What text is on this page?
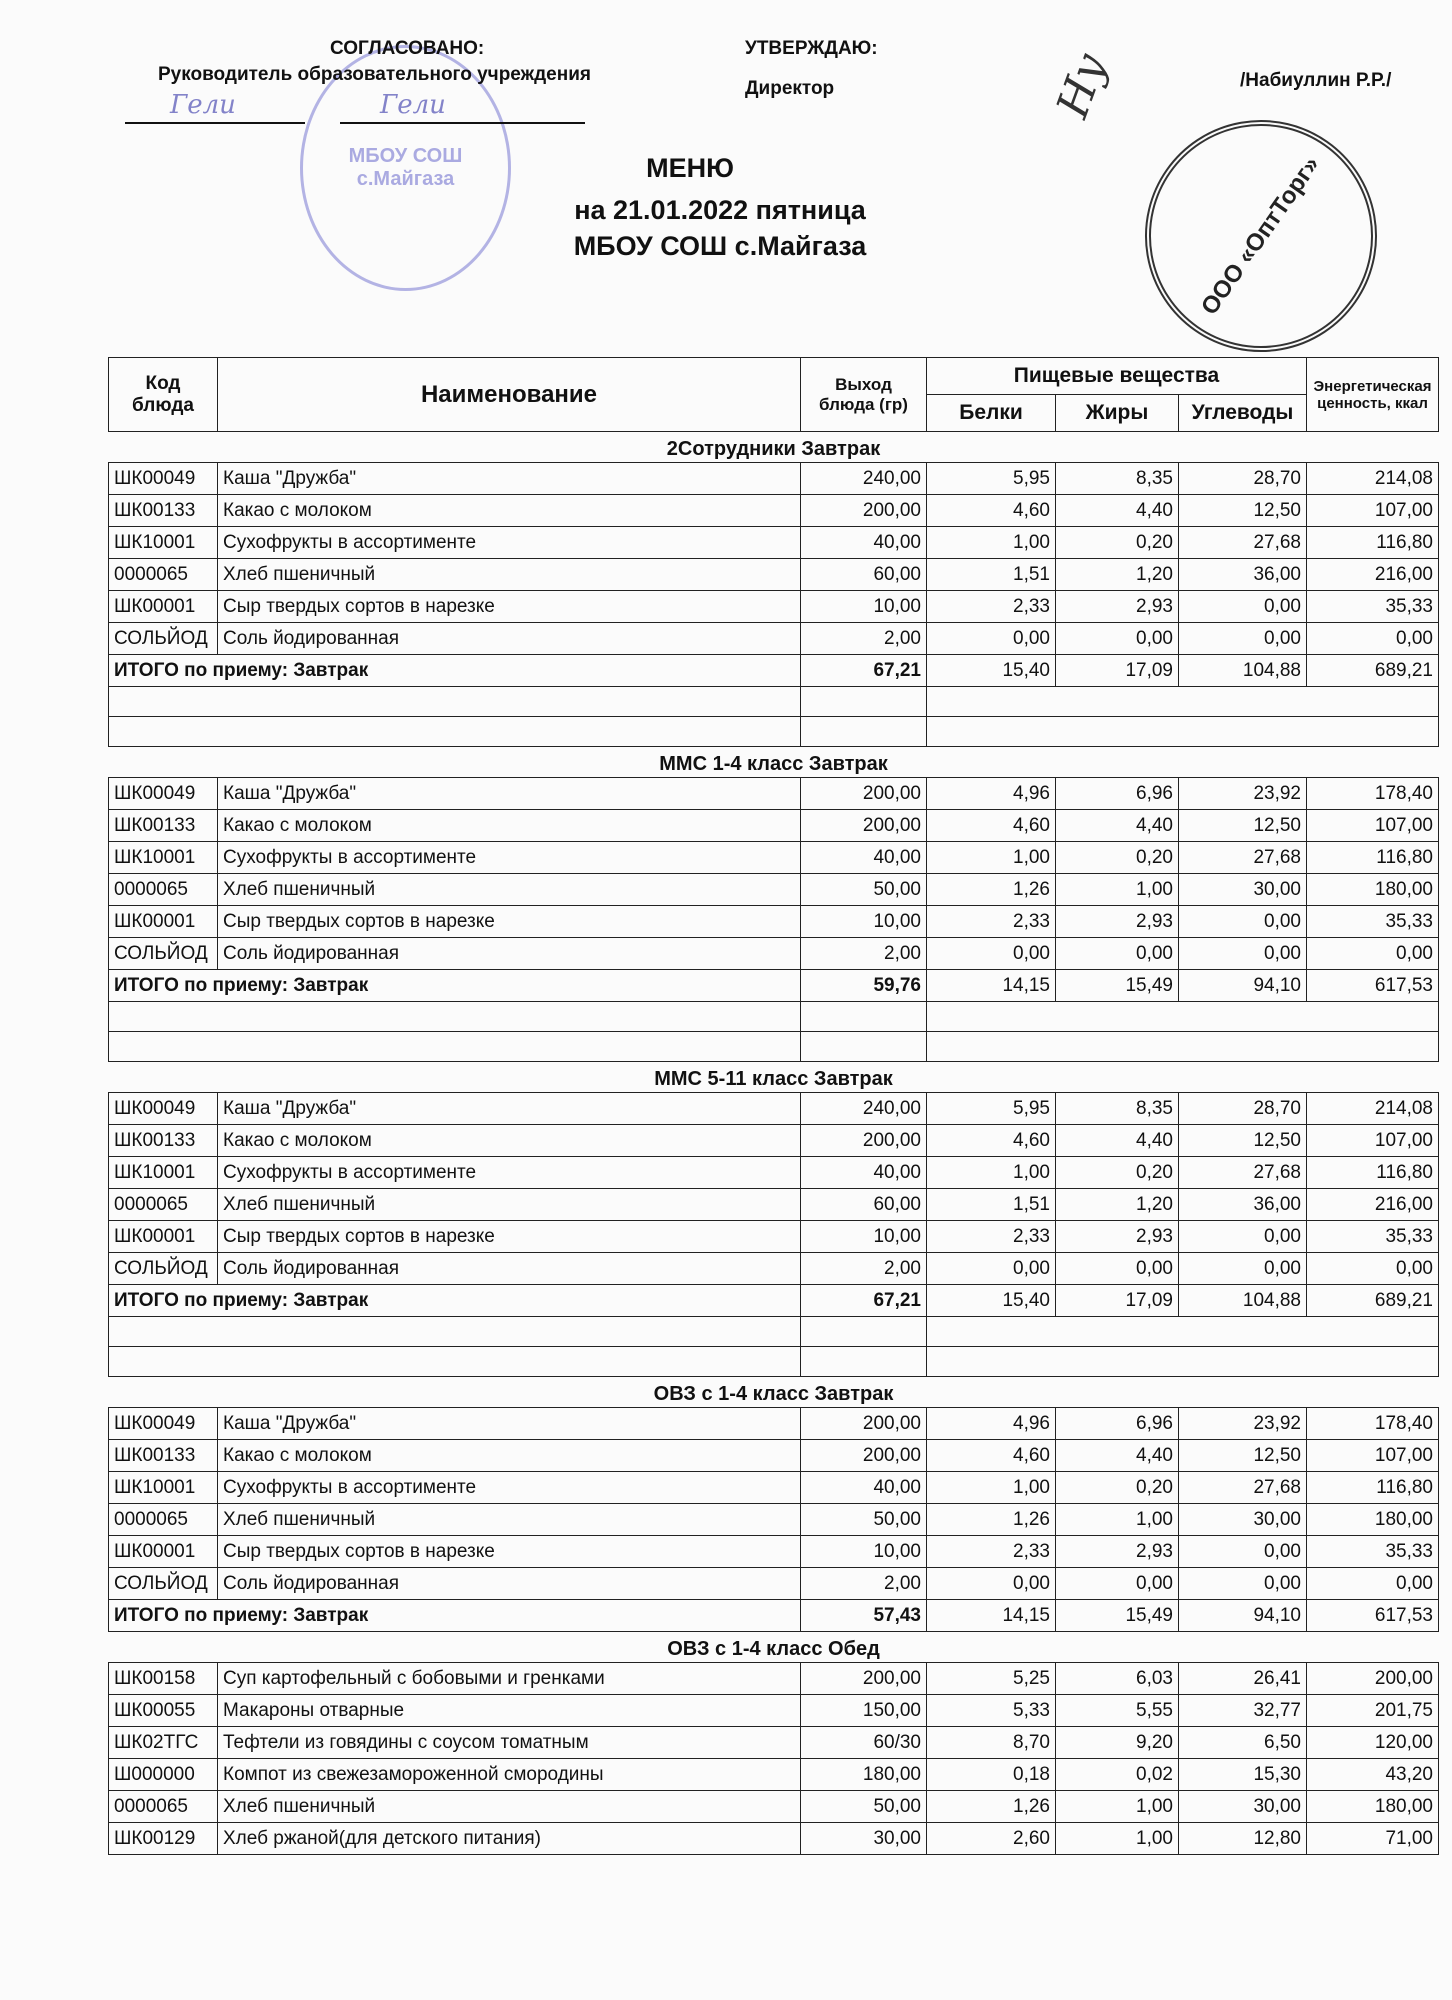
МБОУ СОШ с.Майгаза	ООО «ОптТорг»
СОГЛАСОВАНО:
Руководитель образовательного учреждения
Гели	Гели
УТВЕРЖДАЮ:
Директор	Ну	/Набиуллин Р.Р./
МЕНЮ
на 21.01.2022 пятница
МБОУ СОШ с.Майгаза
Код блюда	Наименование	Выход блюда (гр)	Пищевые вещества			Энергетическая ценность, ккал
			Белки	Жиры	Углеводы	
2Сотрудники Завтрак						
ШК00049	Каша "Дружба"	240,00	5,95	8,35	28,70	214,08
ШК00133	Какао с молоком	200,00	4,60	4,40	12,50	107,00
ШК10001	Сухофрукты в ассортименте	40,00	1,00	0,20	27,68	116,80
0000065	Хлеб пшеничный	60,00	1,51	1,20	36,00	216,00
ШК00001	Сыр твердых сортов в нарезке	10,00	2,33	2,93	0,00	35,33
СОЛЬЙОД	Соль йодированная	2,00	0,00	0,00	0,00	0,00
ИТОГО по приему: Завтрак		67,21	15,40	17,09	104,88	689,21

ММС 1-4 класс Завтрак						
ШК00049	Каша "Дружба"	200,00	4,96	6,96	23,92	178,40
ШК00133	Какао с молоком	200,00	4,60	4,40	12,50	107,00
ШК10001	Сухофрукты в ассортименте	40,00	1,00	0,20	27,68	116,80
0000065	Хлеб пшеничный	50,00	1,26	1,00	30,00	180,00
ШК00001	Сыр твердых сортов в нарезке	10,00	2,33	2,93	0,00	35,33
СОЛЬЙОД	Соль йодированная	2,00	0,00	0,00	0,00	0,00
ИТОГО по приему: Завтрак		59,76	14,15	15,49	94,10	617,53

ММС 5-11 класс Завтрак						
ШК00049	Каша "Дружба"	240,00	5,95	8,35	28,70	214,08
ШК00133	Какао с молоком	200,00	4,60	4,40	12,50	107,00
ШК10001	Сухофрукты в ассортименте	40,00	1,00	0,20	27,68	116,80
0000065	Хлеб пшеничный	60,00	1,51	1,20	36,00	216,00
ШК00001	Сыр твердых сортов в нарезке	10,00	2,33	2,93	0,00	35,33
СОЛЬЙОД	Соль йодированная	2,00	0,00	0,00	0,00	0,00
ИТОГО по приему: Завтрак		67,21	15,40	17,09	104,88	689,21

ОВЗ с 1-4 класс Завтрак						
ШК00049	Каша "Дружба"	200,00	4,96	6,96	23,92	178,40
ШК00133	Какао с молоком	200,00	4,60	4,40	12,50	107,00
ШК10001	Сухофрукты в ассортименте	40,00	1,00	0,20	27,68	116,80
0000065	Хлеб пшеничный	50,00	1,26	1,00	30,00	180,00
ШК00001	Сыр твердых сортов в нарезке	10,00	2,33	2,93	0,00	35,33
СОЛЬЙОД	Соль йодированная	2,00	0,00	0,00	0,00	0,00
ИТОГО по приему: Завтрак		57,43	14,15	15,49	94,10	617,53
ОВЗ с 1-4 класс Обед						
ШК00158	Суп картофельный с бобовыми и гренками	200,00	5,25	6,03	26,41	200,00
ШК00055	Макароны отварные	150,00	5,33	5,55	32,77	201,75
ШК02ТГС	Тефтели из говядины с соусом томатным	60/30	8,70	9,20	6,50	120,00
Ш000000	Компот из свежезамороженной смородины	180,00	0,18	0,02	15,30	43,20
0000065	Хлеб пшеничный	50,00	1,26	1,00	30,00	180,00
ШК00129	Хлеб ржаной(для детского питания)	30,00	2,60	1,00	12,80	71,00
